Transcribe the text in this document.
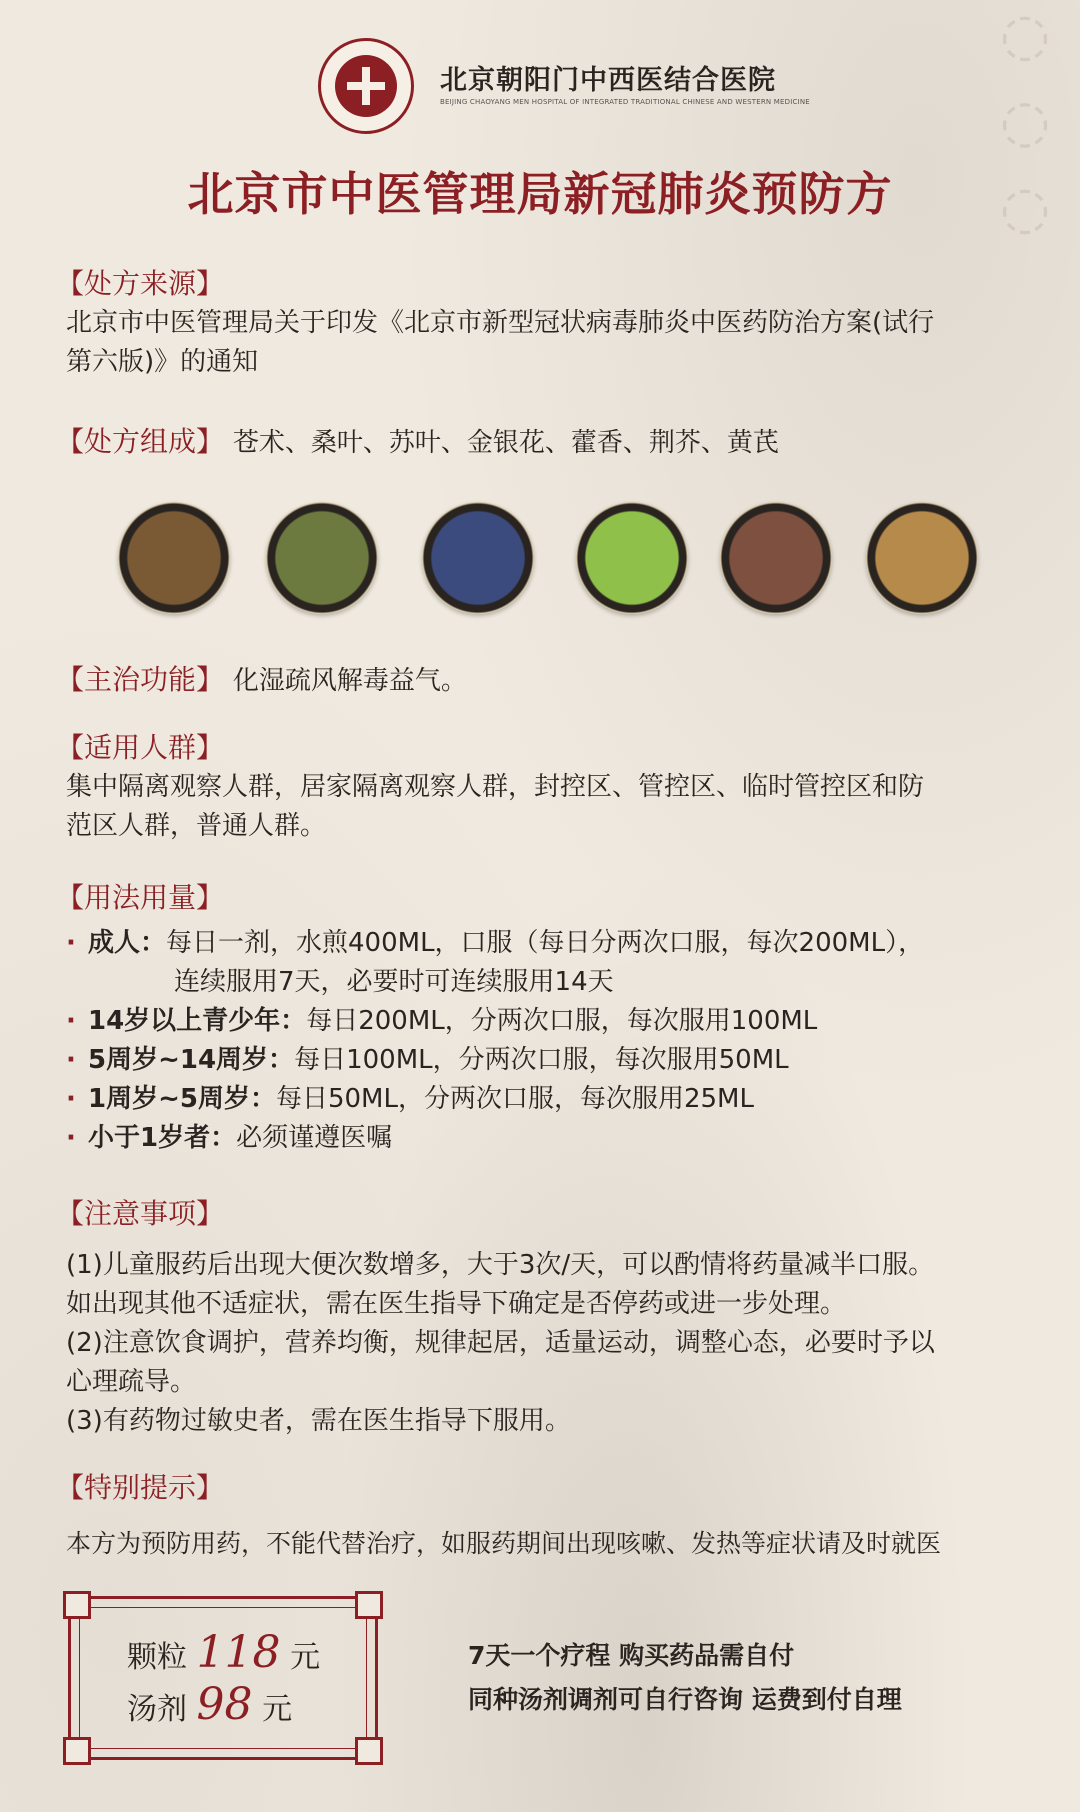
◌ ◌ ◌
北京朝阳门中西医结合医院
BEIJING CHAOYANG MEN HOSPITAL OF INTEGRATED TRADITIONAL CHINESE AND WESTERN MEDICINE
北京市中医管理局新冠肺炎预防方
【处方来源】
北京市中医管理局关于印发《北京市新型冠状病毒肺炎中医药防治方案(试行
第六版)》的通知
【处方组成】 苍术、桑叶、苏叶、金银花、藿香、荆芥、黄芪
【主治功能】 化湿疏风解毒益气。
【适用人群】
集中隔离观察人群，居家隔离观察人群，封控区、管控区、临时管控区和防
范区人群，普通人群。
【用法用量】
· 成人：每日一剂，水煎400ML，口服（每日分两次口服，每次200ML），
连续服用7天，必要时可连续服用14天
· 14岁以上青少年：每日200ML，分两次口服，每次服用100ML
· 5周岁~14周岁：每日100ML，分两次口服，每次服用50ML
· 1周岁~5周岁：每日50ML，分两次口服，每次服用25ML
· 小于1岁者：必须谨遵医嘱
【注意事项】
(1)儿童服药后出现大便次数增多，大于3次/天，可以酌情将药量减半口服。
如出现其他不适症状，需在医生指导下确定是否停药或进一步处理。
(2)注意饮食调护，营养均衡，规律起居，适量运动，调整心态，必要时予以
心理疏导。
(3)有药物过敏史者，需在医生指导下服用。
【特别提示】
本方为预防用药，不能代替治疗，如服药期间出现咳嗽、发热等症状请及时就医
颗粒 118 元
汤剂 98 元
7天一个疗程 购买药品需自付
同种汤剂调剂可自行咨询 运费到付自理
